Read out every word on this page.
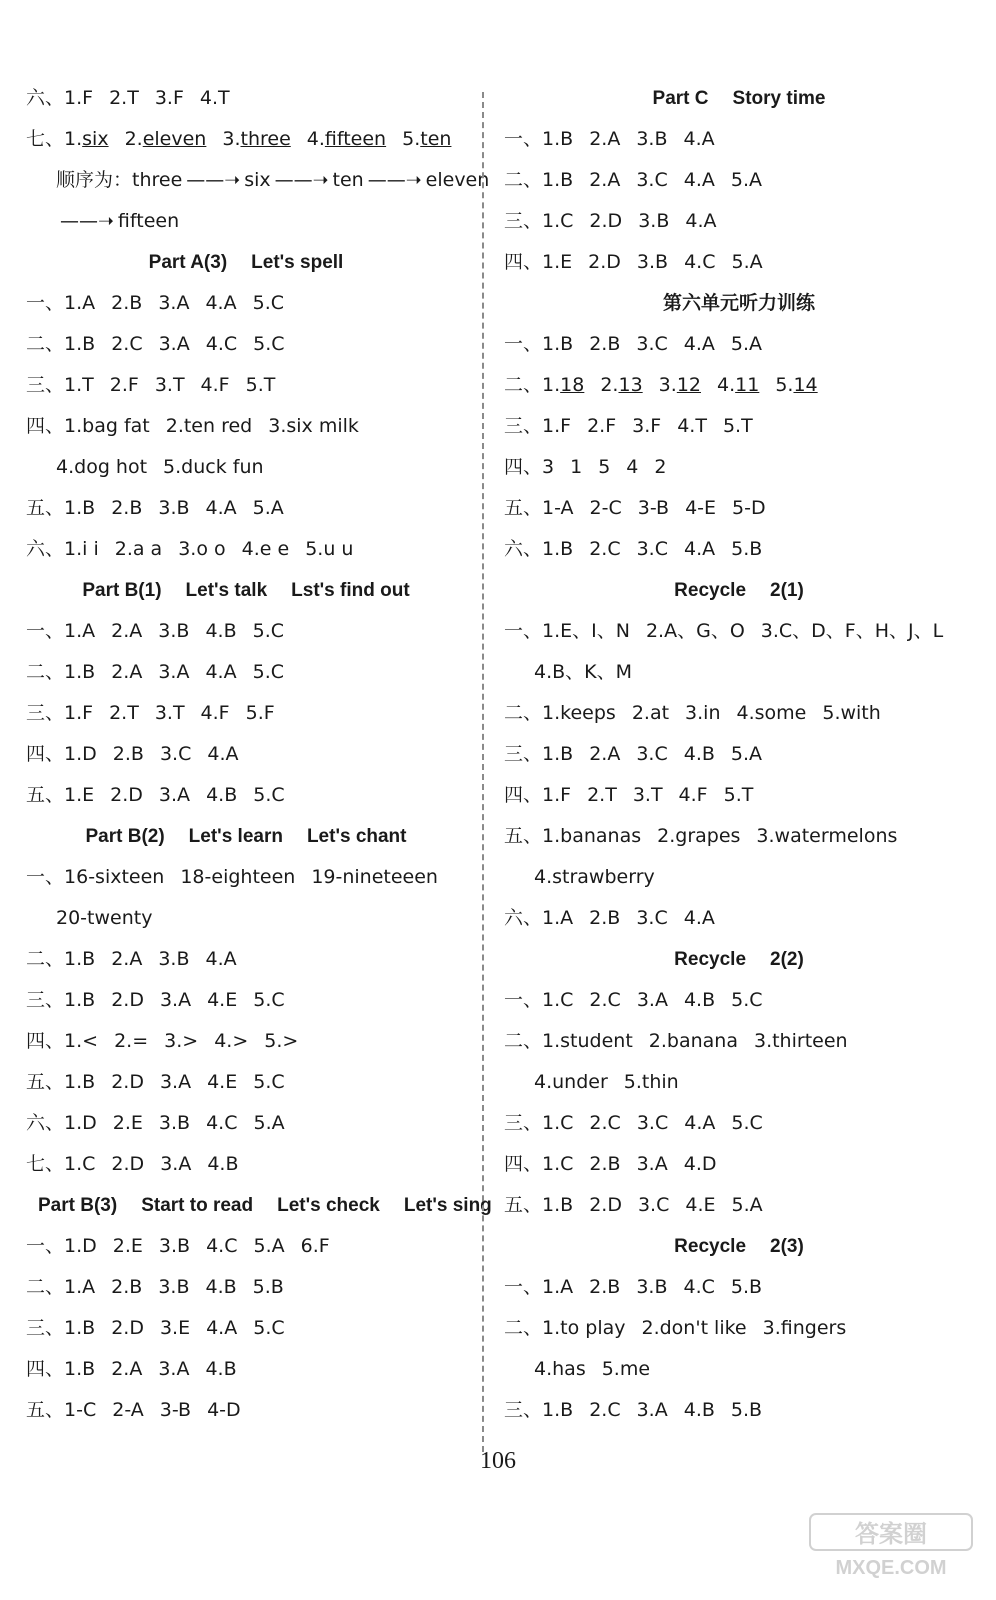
六、1.F 2.T 3.F 4.T
七、1.six 2.eleven 3.three 4.fifteen 5.ten
顺序为：three ——➝ six ——➝ ten ——➝ eleven
——➝ fifteen
Part A(3) Let's spell
一、1.A 2.B 3.A 4.A 5.C
二、1.B 2.C 3.A 4.C 5.C
三、1.T 2.F 3.T 4.F 5.T
四、1.bag fat 2.ten red 3.six milk
4.dog hot 5.duck fun
五、1.B 2.B 3.B 4.A 5.A
六、1.i i 2.a a 3.o o 4.e e 5.u u
Part B(1) Let's talk Lst's find out
一、1.A 2.A 3.B 4.B 5.C
二、1.B 2.A 3.A 4.A 5.C
三、1.F 2.T 3.T 4.F 5.F
四、1.D 2.B 3.C 4.A
五、1.E 2.D 3.A 4.B 5.C
Part B(2) Let's learn Let's chant
一、16-sixteen 18-eighteen 19-nineteeen
20-twenty
二、1.B 2.A 3.B 4.A
三、1.B 2.D 3.A 4.E 5.C
四、1.< 2.= 3.> 4.> 5.>
五、1.B 2.D 3.A 4.E 5.C
六、1.D 2.E 3.B 4.C 5.A
七、1.C 2.D 3.A 4.B
Part B(3) Start to read Let's check Let's sing
一、1.D 2.E 3.B 4.C 5.A 6.F
二、1.A 2.B 3.B 4.B 5.B
三、1.B 2.D 3.E 4.A 5.C
四、1.B 2.A 3.A 4.B
五、1-C 2-A 3-B 4-D
Part C Story time
一、1.B 2.A 3.B 4.A
二、1.B 2.A 3.C 4.A 5.A
三、1.C 2.D 3.B 4.A
四、1.E 2.D 3.B 4.C 5.A
第六单元听力训练
一、1.B 2.B 3.C 4.A 5.A
二、1.18 2.13 3.12 4.11 5.14
三、1.F 2.F 3.F 4.T 5.T
四、3 1 5 4 2
五、1-A 2-C 3-B 4-E 5-D
六、1.B 2.C 3.C 4.A 5.B
Recycle 2(1)
一、1.E、I、N 2.A、G、O 3.C、D、F、H、J、L
4.B、K、M
二、1.keeps 2.at 3.in 4.some 5.with
三、1.B 2.A 3.C 4.B 5.A
四、1.F 2.T 3.T 4.F 5.T
五、1.bananas 2.grapes 3.watermelons
4.strawberry
六、1.A 2.B 3.C 4.A
Recycle 2(2)
一、1.C 2.C 3.A 4.B 5.C
二、1.student 2.banana 3.thirteen
4.under 5.thin
三、1.C 2.C 3.C 4.A 5.C
四、1.C 2.B 3.A 4.D
五、1.B 2.D 3.C 4.E 5.A
Recycle 2(3)
一、1.A 2.B 3.B 4.C 5.B
二、1.to play 2.don't like 3.fingers
4.has 5.me
三、1.B 2.C 3.A 4.B 5.B
106
答案圈
MXQE.COM
